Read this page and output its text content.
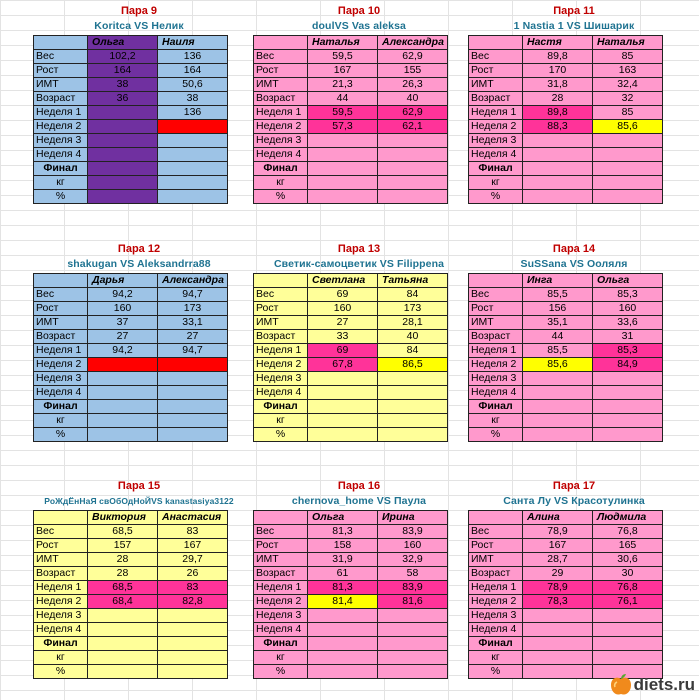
Пара 9
Koritca VS Нелик
	Ольга	Наиля
Вес	102,2	136
Рост	164	164
ИМТ	38	50,6
Возраст	36	38
Неделя 1		136
Неделя 2		
Неделя 3		
Неделя 4		
Финал		
кг		
%		
Пара 10
doulVS Vas aleksa
	Наталья	Александра
Вес	59,5	62,9
Рост	167	155
ИМТ	21,3	26,3
Возраст	44	40
Неделя 1	59,5	62,9
Неделя 2	57,3	62,1
Неделя 3		
Неделя 4		
Финал		
кг		
%		
Пара 11
1 Nastia 1 VS Шишарик
	Настя	Наталья
Вес	89,8	85
Рост	170	163
ИМТ	31,8	32,4
Возраст	28	32
Неделя 1	89,8	85
Неделя 2	88,3	85,6
Неделя 3		
Неделя 4		
Финал		
кг		
%		
Пара 12
shakugan VS Aleksandrra88
	Дарья	Александра
Вес	94,2	94,7
Рост	160	173
ИМТ	37	33,1
Возраст	27	27
Неделя 1	94,2	94,7
Неделя 2		
Неделя 3		
Неделя 4		
Финал		
кг		
%		
Пара 13
Светик-самоцветик VS Filippena
	Светлана	Татьяна
Вес	69	84
Рост	160	173
ИМТ	27	28,1
Возраст	33	40
Неделя 1	69	84
Неделя 2	67,8	86,5
Неделя 3		
Неделя 4		
Финал		
кг		
%		
Пара 14
SuSSana VS Ооляля
	Инга	Ольга
Вес	85,5	85,3
Рост	156	160
ИМТ	35,1	33,6
Возраст	44	31
Неделя 1	85,5	85,3
Неделя 2	85,6	84,9
Неделя 3		
Неделя 4		
Финал		
кг		
%		
Пара 15
РоЖдЁнНаЯ свОбОдНоЙVS kanastasiya3122
	Виктория	Анастасия
Вес	68,5	83
Рост	157	167
ИМТ	28	29,7
Возраст	28	26
Неделя 1	68,5	83
Неделя 2	68,4	82,8
Неделя 3		
Неделя 4		
Финал		
кг		
%		
Пара 16
chernova_home VS Паула
	Ольга	Ирина
Вес	81,3	83,9
Рост	158	160
ИМТ	31,9	32,9
Возраст	61	58
Неделя 1	81,3	83,9
Неделя 2	81,4	81,6
Неделя 3		
Неделя 4		
Финал		
кг		
%		
Пара 17
Санта Лу VS Красотулинка
	Алина	Людмила
Вес	78,9	76,8
Рост	167	165
ИМТ	28,7	30,6
Возраст	29	30
Неделя 1	78,9	76,8
Неделя 2	78,3	76,1
Неделя 3		
Неделя 4		
Финал		
кг		
%		
diets.ru
